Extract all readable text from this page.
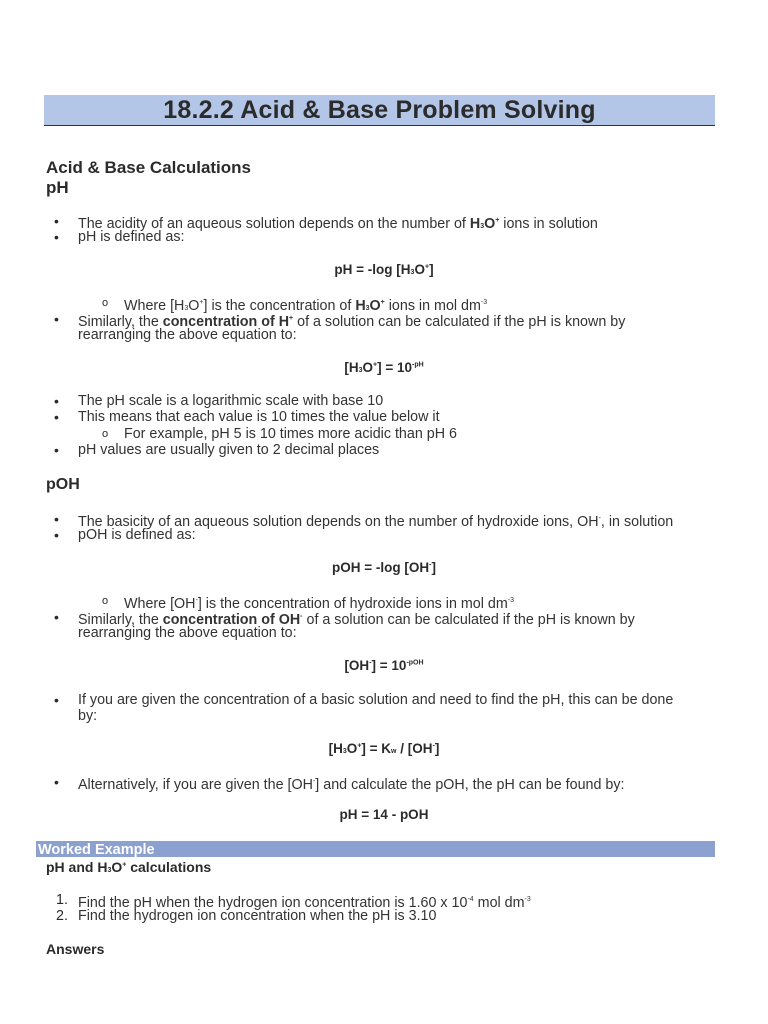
18.2.2 Acid & Base Problem Solving
Acid & Base Calculations
pH
•
The acidity of an aqueous solution depends on the number of H3O+ ions in solution
•
pH is defined as:
pH = -log [H3O+]
o
Where [H3O+] is the concentration of H3O+ ions in mol $dm^{-3}$
•
Similarly, the concentration of H+ of a solution can be calculated if the pH is known by
rearranging the above equation to:
$[H3O^+] = 10^{-pH}$
•
The pH scale is a logarithmic scale with base 10
•
This means that each value is 10 times the value below it
o
For example, pH 5 is 10 times more acidic than pH 6
•
pH values are usually given to 2 decimal places
pOH
•
The basicity of an aqueous solution depends on the number of hydroxide ions, OH-, in solution
•
pOH is defined as:
pOH = -log [OH-]
o
Where [OH-] is the concentration of hydroxide ions in mol $dm^{-3}$
•
Similarly, the concentration of OH- of a solution can be calculated if the pH is known by
rearranging the above equation to:
$[OH^-] = 10^{-pOH}$
•
If you are given the concentration of a basic solution and need to find the pH, this can be done
by:
[H3O+] = Kw / [OH-]
•
Alternatively, if you are given the [OH-] and calculate the pOH, the pH can be found by:
pH = 14 - pOH
Worked Example
pH and H3O+ calculations
1. Find the pH when the hydrogen ion concentration is 1.60 x $10^{-4}$ mol $dm^{-3}$
2. Find the hydrogen ion concentration when the pH is 3.10
Answers
